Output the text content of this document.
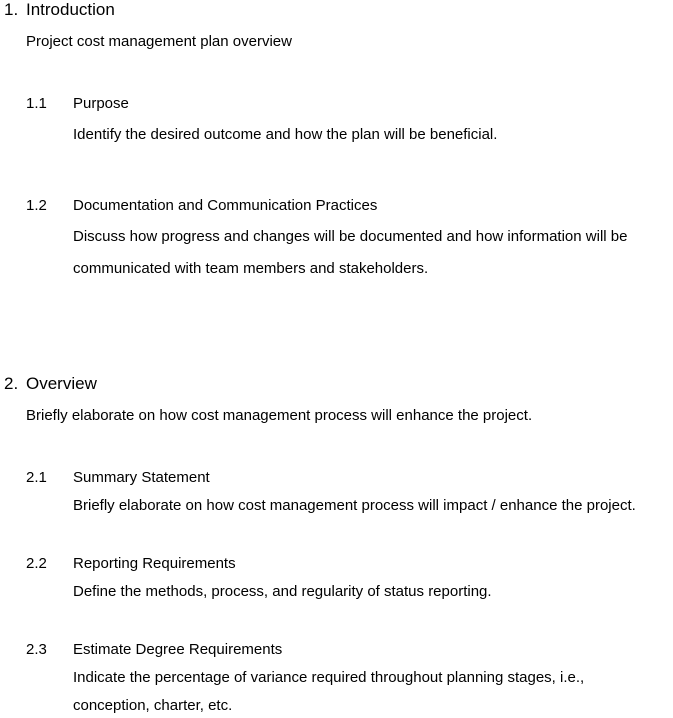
1. Introduction
Project cost management plan overview
1.1 Purpose
Identify the desired outcome and how the plan will be beneficial.
1.2 Documentation and Communication Practices
Discuss how progress and changes will be documented and how information will be
communicated with team members and stakeholders.
2. Overview
Briefly elaborate on how cost management process will enhance the project.
2.1 Summary Statement
Briefly elaborate on how cost management process will impact / enhance the project.
2.2 Reporting Requirements
Define the methods, process, and regularity of status reporting.
2.3 Estimate Degree Requirements
Indicate the percentage of variance required throughout planning stages, i.e.,
conception, charter, etc.
